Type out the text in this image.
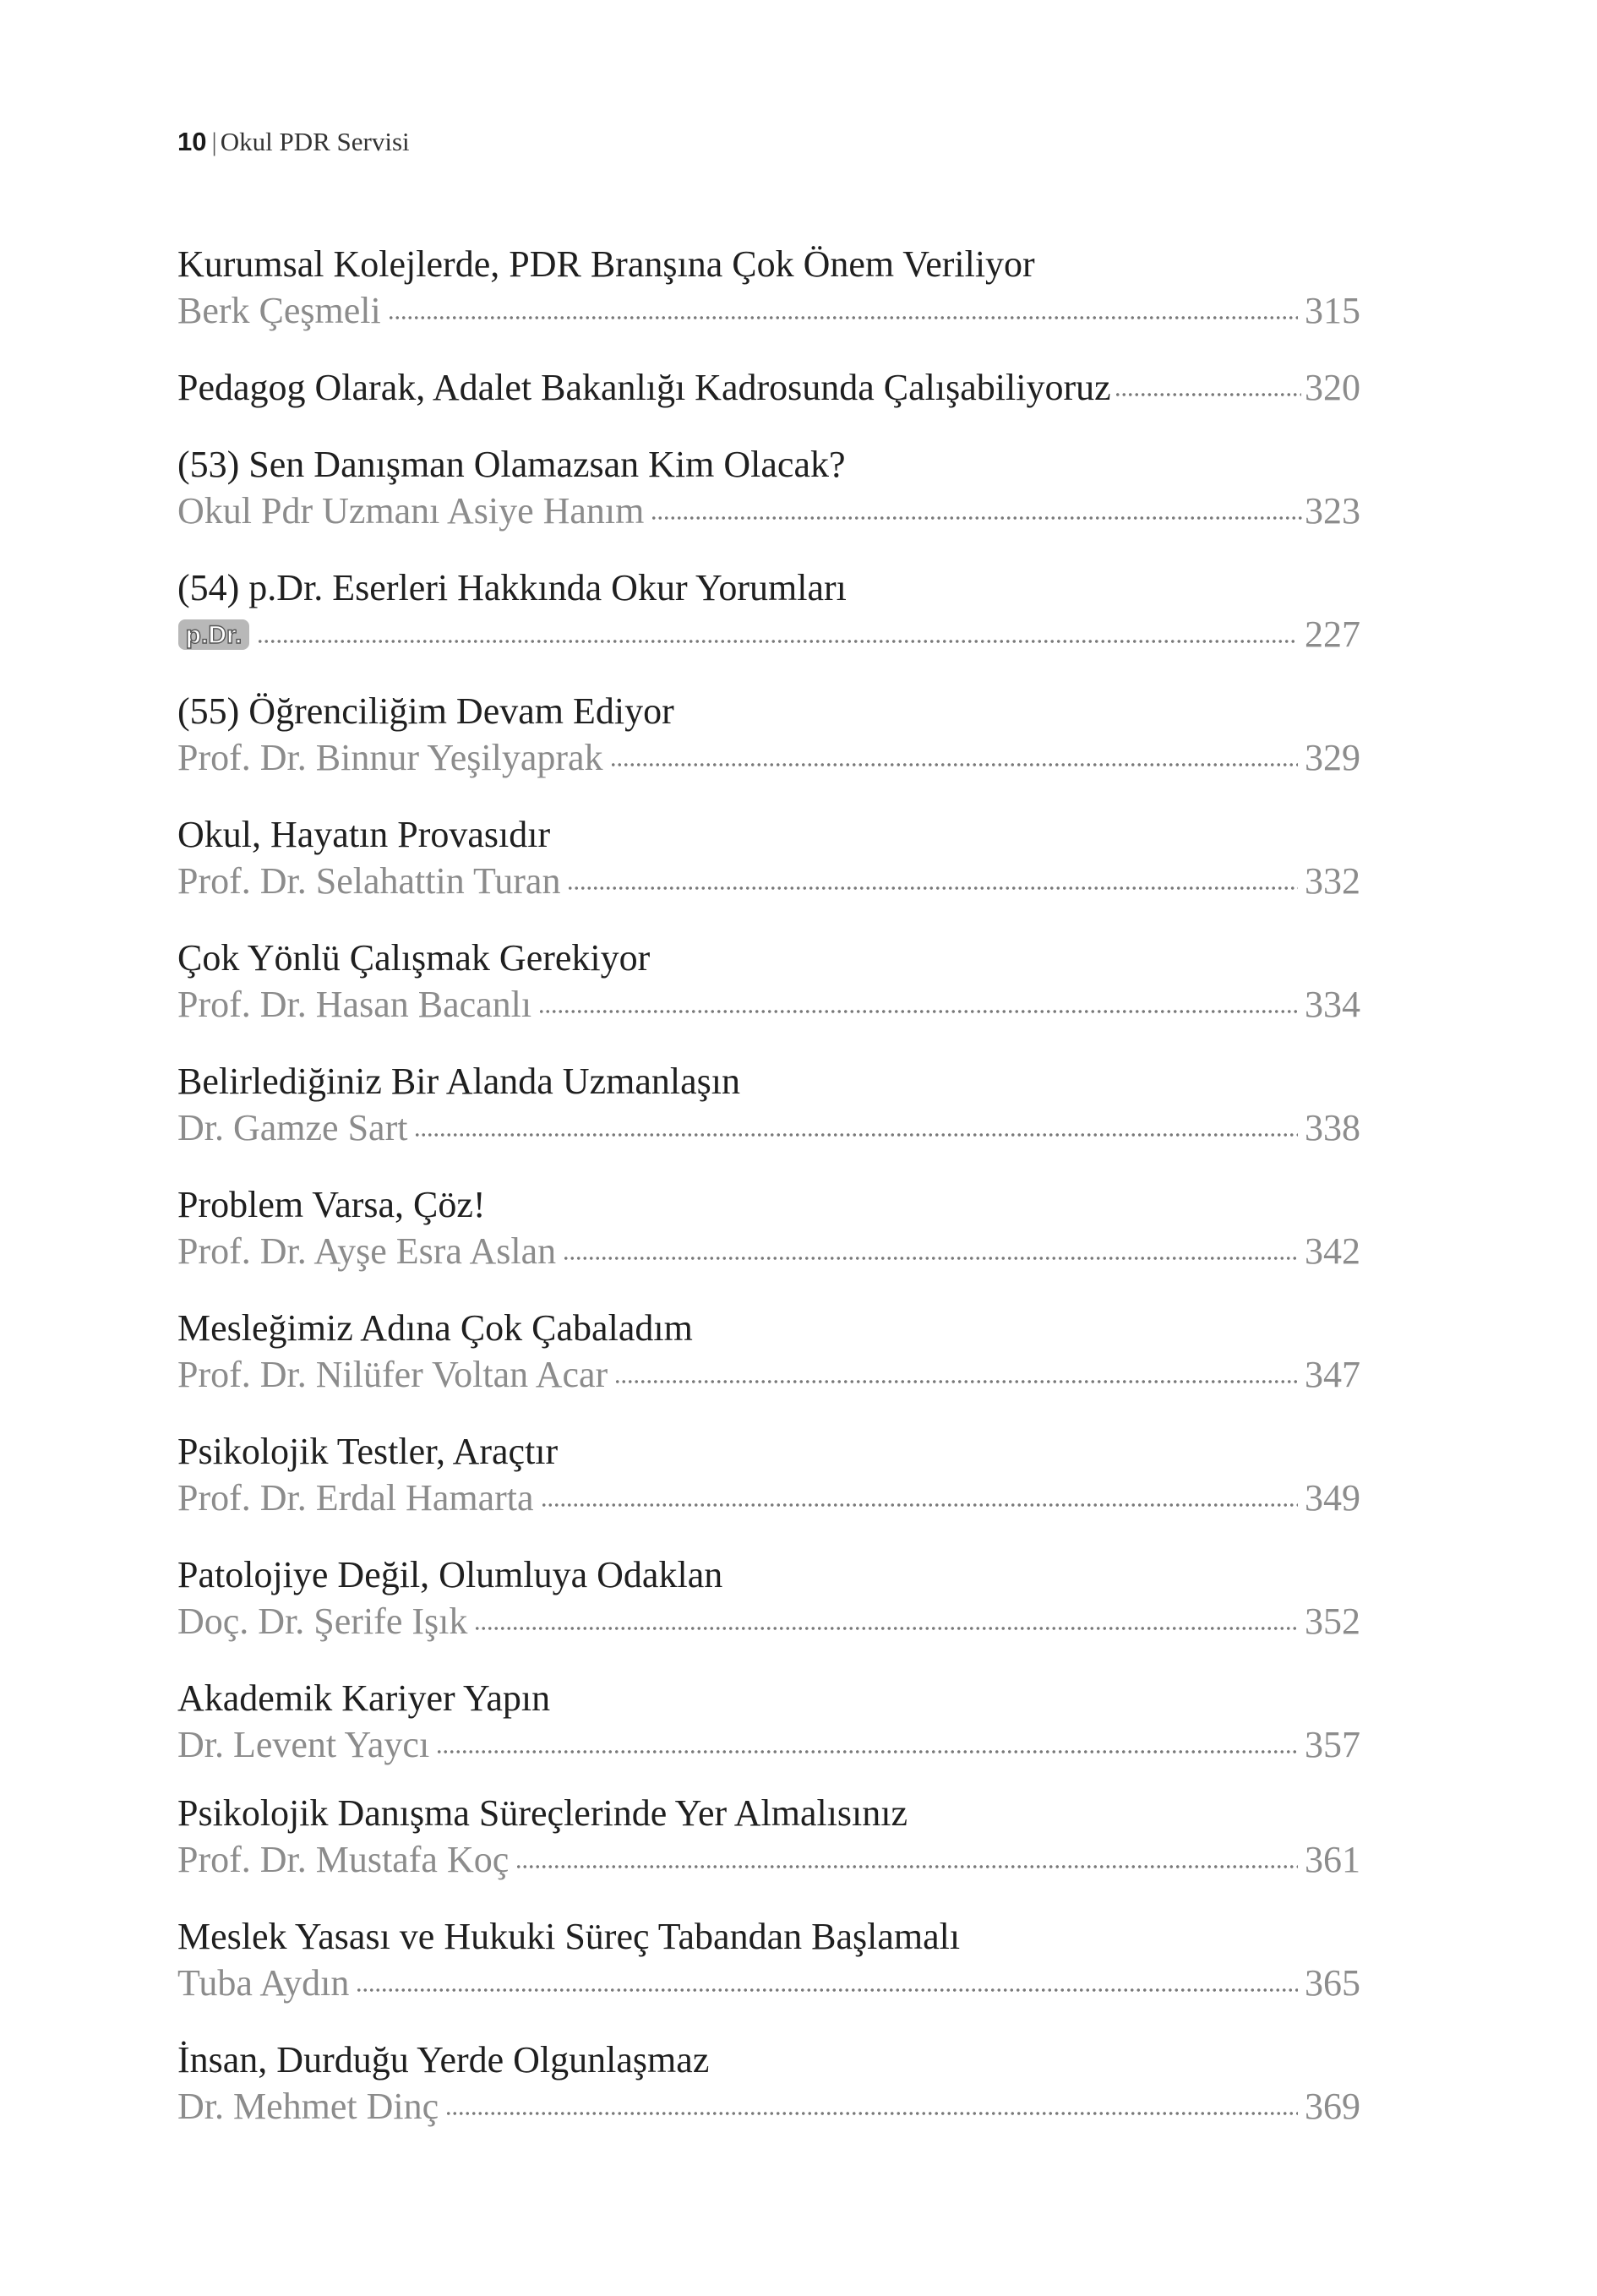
10 | Okul PDR Servisi
Kurumsal Kolejlerde, PDR Branşına Çok Önem Veriliyor
Berk Çeşmeli	315
Pedagog Olarak, Adalet Bakanlığı Kadrosunda Çalışabiliyoruz	320
(53) Sen Danışman Olamazsan Kim Olacak?
Okul Pdr Uzmanı Asiye Hanım	323
(54) p.Dr. Eserleri Hakkında Okur Yorumları
p.Dr.	227
(55) Öğrenciliğim Devam Ediyor
Prof. Dr. Binnur Yeşilyaprak	329
Okul, Hayatın Provasıdır
Prof. Dr. Selahattin Turan	332
Çok Yönlü Çalışmak Gerekiyor
Prof. Dr. Hasan Bacanlı	334
Belirlediğiniz Bir Alanda Uzmanlaşın
Dr. Gamze Sart	338
Problem Varsa, Çöz!
Prof. Dr. Ayşe Esra Aslan	342
Mesleğimiz Adına Çok Çabaladım
Prof. Dr. Nilüfer Voltan Acar	347
Psikolojik Testler, Araçtır
Prof. Dr. Erdal Hamarta	349
Patolojiye Değil, Olumluya Odaklan
Doç. Dr. Şerife Işık	352
Akademik Kariyer Yapın
Dr. Levent Yaycı	357
Psikolojik Danışma Süreçlerinde Yer Almalısınız
Prof. Dr. Mustafa Koç	361
Meslek Yasası ve Hukuki Süreç Tabandan Başlamalı
Tuba Aydın	365
İnsan, Durduğu Yerde Olgunlaşmaz
Dr. Mehmet Dinç	369
